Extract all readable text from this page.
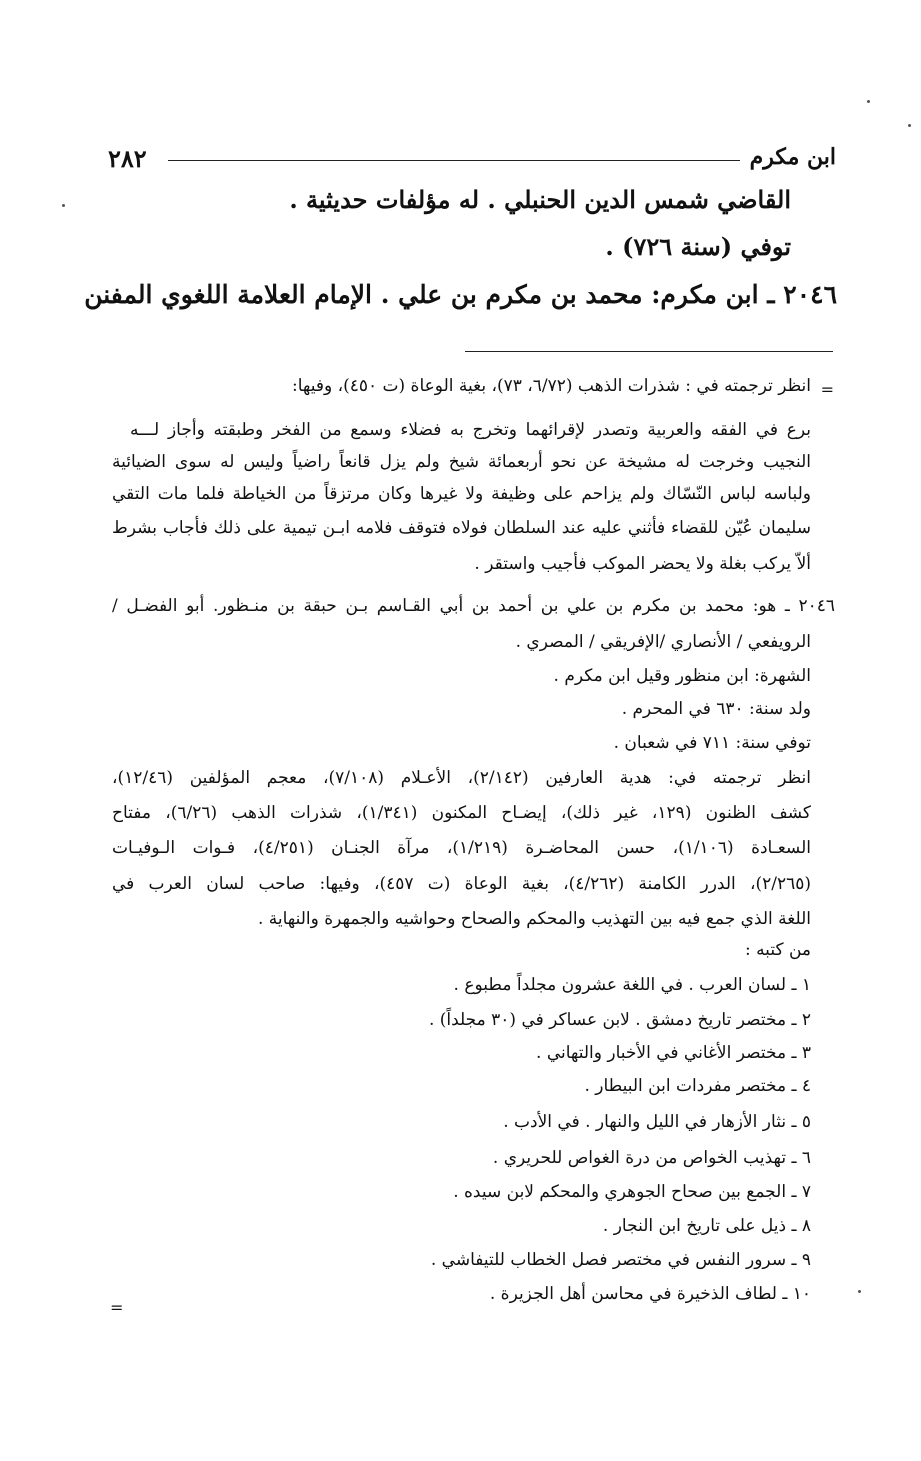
ابن مكرم
٢٨٢
القاضي شمس الدين الحنبلي . له مؤلفات حديثية .
توفي (سنة ٧٢٦) .
٢٠٤٦ ـ ابن مكرم: محمد بن مكرم بن علي . الإمام العلامة اللغوي المفنن
=
انظر ترجمته في : شذرات الذهب (٦/٧٢، ٧٣)، بغية الوعاة (ت ٤٥٠)، وفيها:
برع في الفقه والعربية وتصدر لإقرائهما وتخرج به فضلاء وسمع من الفخر وطبقته وأجاز لـــه
النجيب وخرجت له مشيخة عن نحو أربعمائة شيخ ولم يزل قانعاً راضياً وليس له سوى الضيائية
ولباسه لباس النّسّاك ولم يزاحم على وظيفة ولا غيرها وكان مرتزقاً من الخياطة فلما مات التقي
سليمان عُيّن للقضاء فأثني عليه عند السلطان فولاه فتوقف فلامه ابـن تيمية على ذلك فأجاب بشرط
ألاّ يركب بغلة ولا يحضر الموكب فأجيب واستقر .
٢٠٤٦ ـ هو: محمد بن مكرم بن علي بن أحمد بن أبي القـاسم بـن حبقة بن منـظور. أبو الفضـل /
الرويفعي / الأنصاري /الإفريقي / المصري .
الشهرة: ابن منظور وقيل ابن مكرم .
ولد سنة: ٦٣٠ في المحرم .
توفي سنة: ٧١١ في شعبان .
انظر ترجمته في: هدية العارفين (٢/١٤٢)، الأعـلام (٧/١٠٨)، معجم المؤلفين (١٢/٤٦)،
كشف الظنون (١٢٩، غير ذلك)، إيضـاح المكنون (١/٣٤١)، شذرات الذهب (٦/٢٦)، مفتاح
السعـادة (١/١٠٦)، حسن المحاضـرة (١/٢١٩)، مرآة الجنـان (٤/٢٥١)، فـوات الـوفيـات
(٢/٢٦٥)، الدرر الكامنة (٤/٢٦٢)، بغية الوعاة (ت ٤٥٧)، وفيها: صاحب لسان العرب في
اللغة الذي جمع فيه بين التهذيب والمحكم والصحاح وحواشيه والجمهرة والنهاية .
من كتبه :
١ ـ لسان العرب . في اللغة عشرون مجلداً مطبوع .
٢ ـ مختصر تاريخ دمشق . لابن عساكر في (٣٠ مجلداً) .
٣ ـ مختصر الأغاني في الأخبار والتهاني .
٤ ـ مختصر مفردات ابن البيطار .
٥ ـ نثار الأزهار في الليل والنهار . في الأدب .
٦ ـ تهذيب الخواص من درة الغواص للحريري .
٧ ـ الجمع بين صحاح الجوهري والمحكم لابن سيده .
٨ ـ ذيل على تاريخ ابن النجار .
٩ ـ سرور النفس في مختصر فصل الخطاب للتيفاشي .
١٠ ـ لطاف الذخيرة في محاسن أهل الجزيرة .
=
